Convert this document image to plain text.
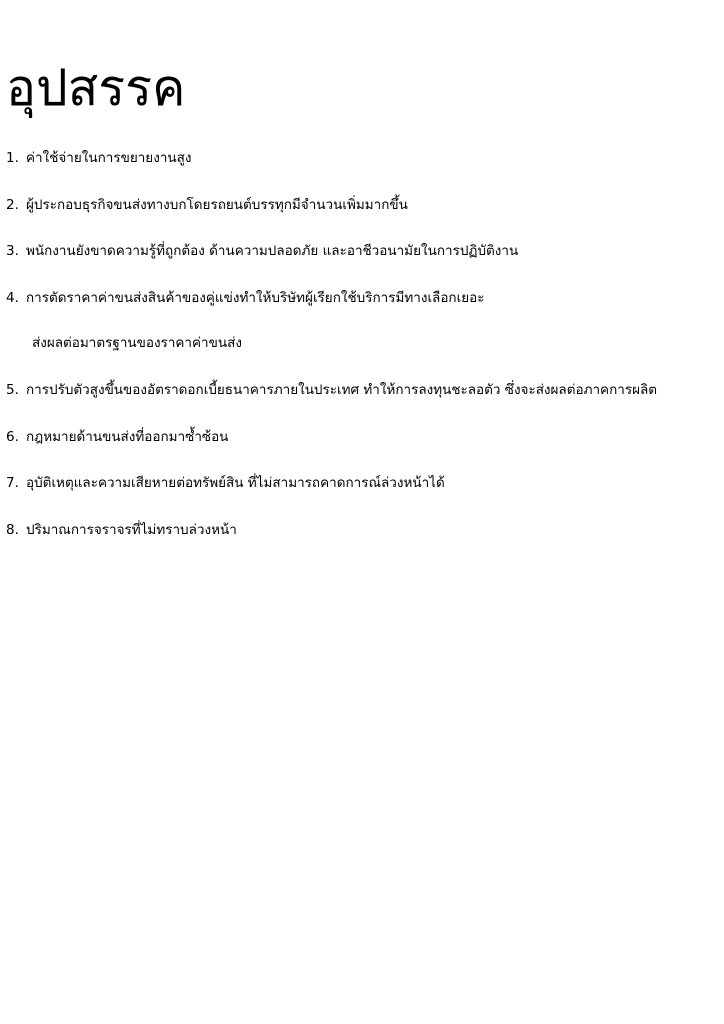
อุปสรรค
1. ค่าใช้จ่ายในการขยายงานสูง
2. ผู้ประกอบธุรกิจขนส่งทางบกโดยรถยนต์บรรทุกมีจำนวนเพิ่มมากขึ้น
3. พนักงานยังขาดความรู้ที่ถูกต้อง ด้านความปลอดภัย และอาชีวอนามัยในการปฏิบัติงาน
4. การตัดราคาค่าขนส่งสินค้าของคู่แข่งทำให้บริษัทผู้เรียกใช้บริการมีทางเลือกเยอะ
ส่งผลต่อมาตรฐานของราคาค่าขนส่ง
5. การปรับตัวสูงขึ้นของอัตราดอกเบี้ยธนาคารภายในประเทศ ทำให้การลงทุนชะลอตัว ซึ่งจะส่งผลต่อภาคการผลิต
6. กฎหมายด้านขนส่งที่ออกมาซ้ำซ้อน
7. อุบัติเหตุและความเสียหายต่อทรัพย์สิน ที่ไม่สามารถคาดการณ์ล่วงหน้าได้
8. ปริมาณการจราจรที่ไม่ทราบล่วงหน้า
